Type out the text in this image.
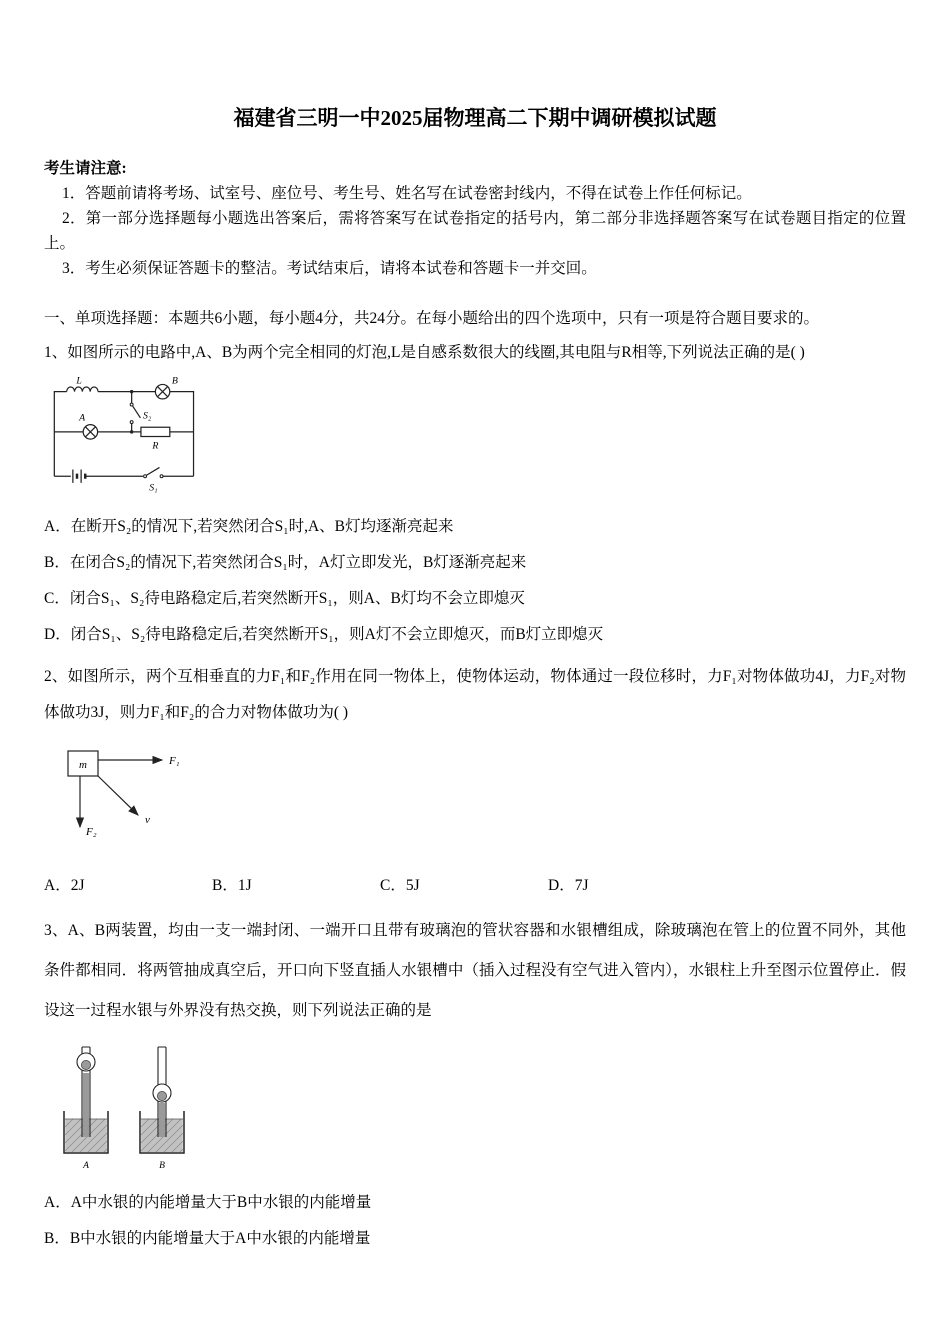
福建省三明一中2025届物理高二下期中调研模拟试题

考生请注意:

1．答题前请将考场、试室号、座位号、考生号、姓名写在试卷密封线内，不得在试卷上作任何标记。

2．第一部分选择题每小题选出答案后，需将答案写在试卷指定的括号内，第二部分非选择题答案写在试卷题目指定的位置上。

3．考生必须保证答题卡的整洁。考试结束后，请将本试卷和答题卡一并交回。

一、单项选择题：本题共6小题，每小题4分，共24分。在每小题给出的四个选项中，只有一项是符合题目要求的。

1、如图所示的电路中,A、B为两个完全相同的灯泡,L是自感系数很大的线圈,其电阻与R相等,下列说法正确的是( )

L	B
S₂
A
R
S₁

A．在断开S₂的情况下,若突然闭合S₁时,A、B灯均逐渐亮起来

B．在闭合S₂的情况下,若突然闭合S₁时，A灯立即发光，B灯逐渐亮起来

C．闭合S₁、S₂待电路稳定后,若突然断开S₁，则A、B灯均不会立即熄灭

D．闭合S₁、S₂待电路稳定后,若突然断开S₁，则A灯不会立即熄灭，而B灯立即熄灭

2、如图所示，两个互相垂直的力F₁和F₂作用在同一物体上，使物体运动，物体通过一段位移时，力F₁对物体做功4J，力F₂对物体做功3J，则力F₁和F₂的合力对物体做功为( )

m	F₁
F₂
v
A．2J	B．1J	C．5J	D．7J

3、A、B两装置，均由一支一端封闭、一端开口且带有玻璃泡的管状容器和水银槽组成，除玻璃泡在管上的位置不同外，其他条件都相同．将两管抽成真空后，开口向下竖直插人水银槽中（插入过程没有空气进入管内），水银柱上升至图示位置停止．假设这一过程水银与外界没有热交换，则下列说法正确的是

A	B

A．A中水银的内能增量大于B中水银的内能增量

B．B中水银的内能增量大于A中水银的内能增量
